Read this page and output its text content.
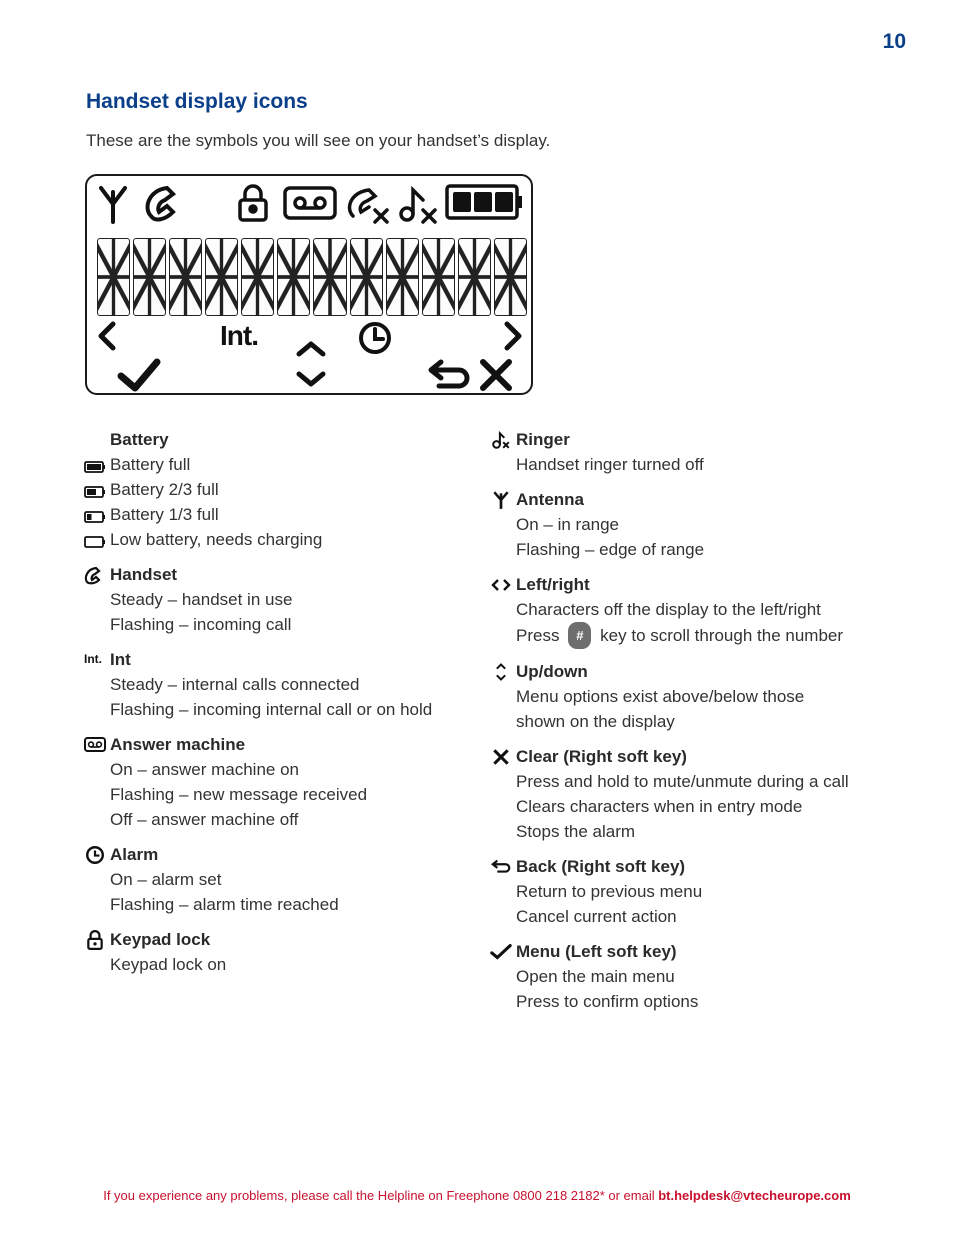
10
Handset display icons
These are the symbols you will see on your handset’s display.
Int.
Battery
Battery full
Battery 2/3 full
Battery 1/3 full
Low battery, needs charging
Handset
Steady – handset in use
Flashing – incoming call
Int. Int
Steady – internal calls connected
Flashing – incoming internal call or on hold
Answer machine
On – answer machine on
Flashing – new message received
Off – answer machine off
Alarm
On – alarm set
Flashing – alarm time reached
Keypad lock
Keypad lock on
Ringer
Handset ringer turned off
Antenna
On – in range
Flashing – edge of range
Left/right
Characters off the display to the left/right
Press # key to scroll through the number
Up/down
Menu options exist above/below those
shown on the display
Clear (Right soft key)
Press and hold to mute/unmute during a call
Clears characters when in entry mode
Stops the alarm
Back (Right soft key)
Return to previous menu
Cancel current action
Menu (Left soft key)
Open the main menu
Press to confirm options
If you experience any problems, please call the Helpline on Freephone 0800 218 2182* or email bt.helpdesk@vtecheurope.com
